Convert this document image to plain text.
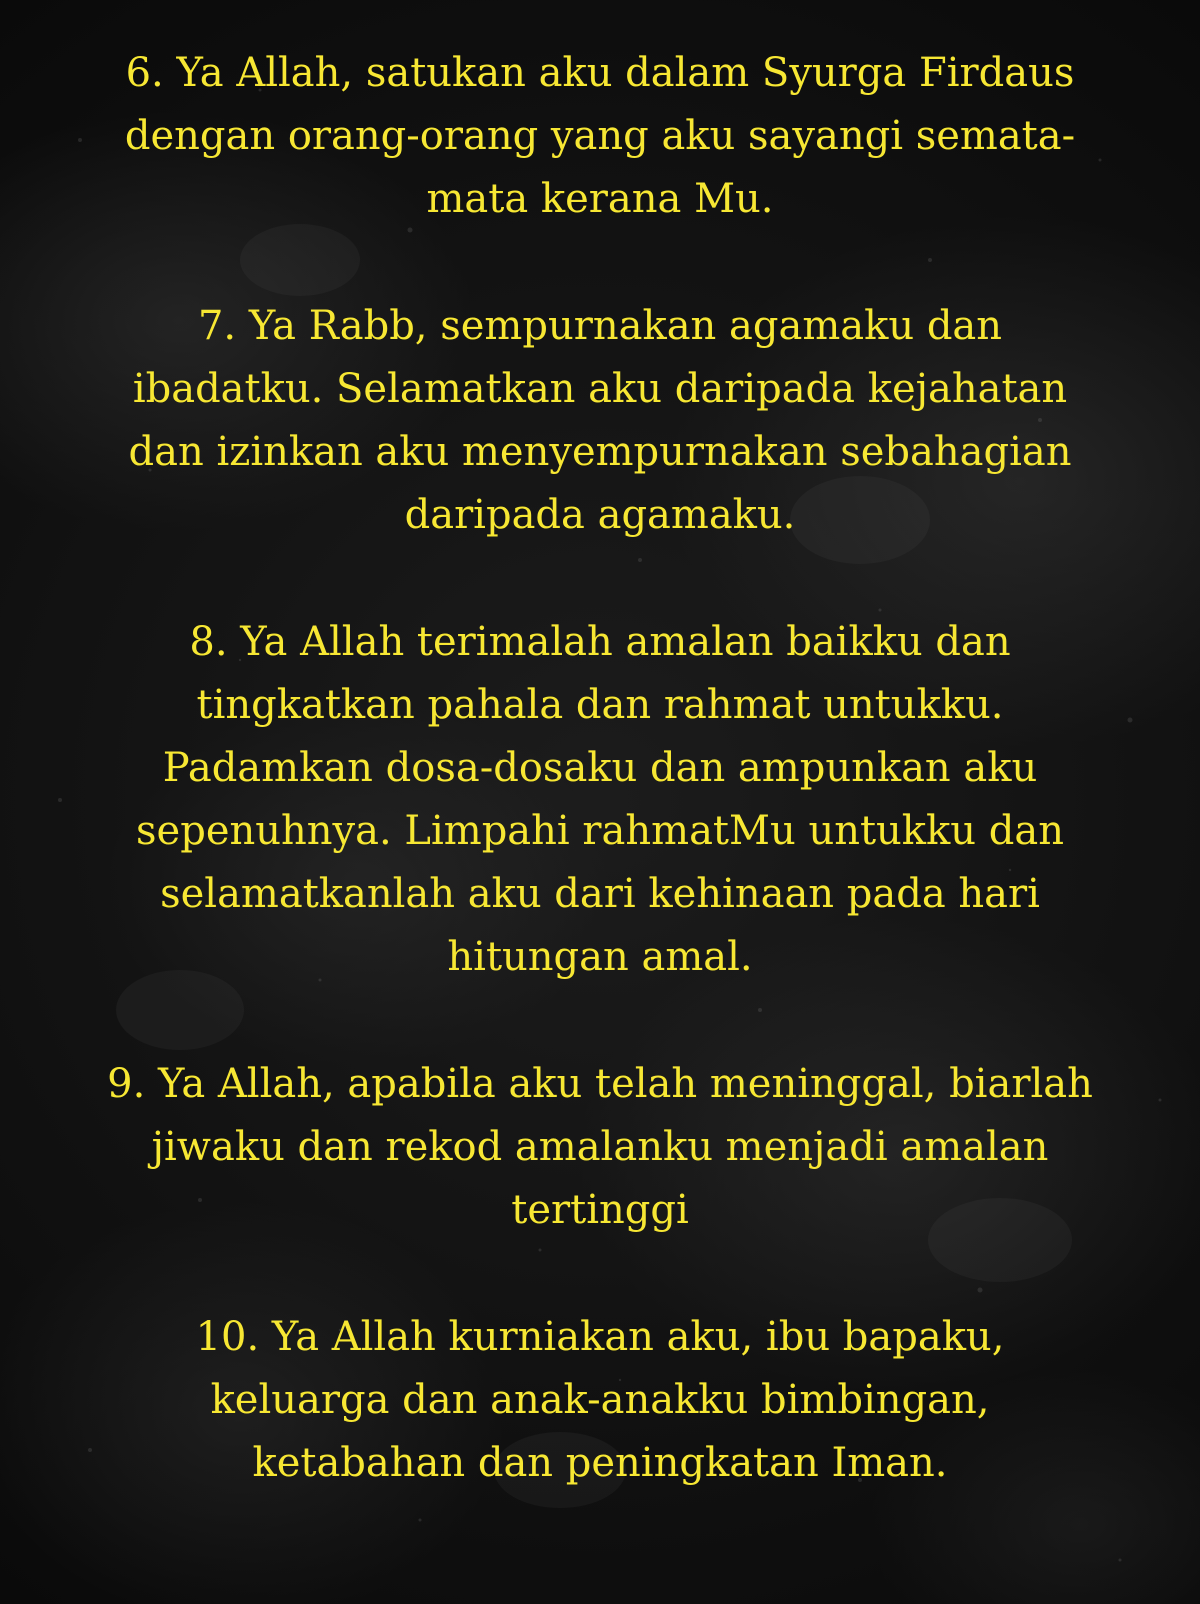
6. Ya Allah, satukan aku dalam Syurga Firdaus
dengan orang-orang yang aku sayangi semata-
mata kerana Mu.

7. Ya Rabb, sempurnakan agamaku dan
ibadatku. Selamatkan aku daripada kejahatan
dan izinkan aku menyempurnakan sebahagian
daripada agamaku.

8. Ya Allah terimalah amalan baikku dan
tingkatkan pahala dan rahmat untukku.
Padamkan dosa-dosaku dan ampunkan aku
sepenuhnya. Limpahi rahmatMu untukku dan
selamatkanlah aku dari kehinaan pada hari
hitungan amal.

9. Ya Allah, apabila aku telah meninggal, biarlah
jiwaku dan rekod amalanku menjadi amalan
tertinggi

10. Ya Allah kurniakan aku, ibu bapaku,
keluarga dan anak-anakku bimbingan,
ketabahan dan peningkatan Iman.
